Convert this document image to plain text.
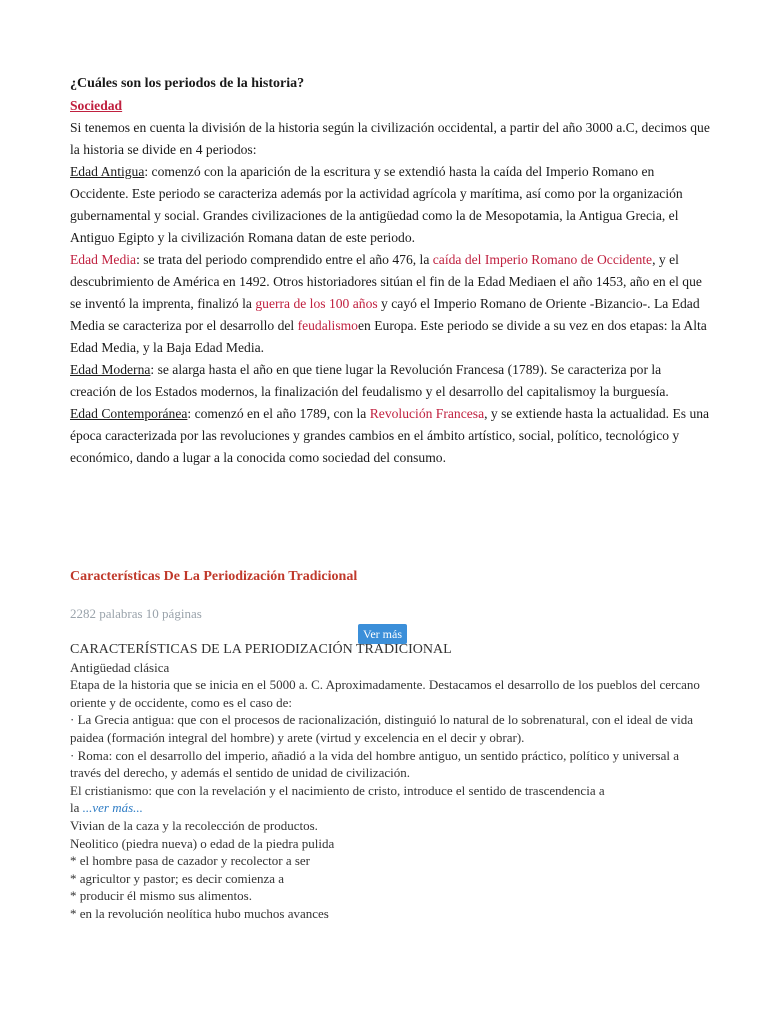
¿Cuáles son los periodos de la historia?

Sociedad

Si tenemos en cuenta la división de la historia según la civilización occidental, a partir del año 3000 a.C, decimos que la historia se divide en 4 periodos:

Edad Antigua: comenzó con la aparición de la escritura y se extendió hasta la caída del Imperio Romano en Occidente. Este periodo se caracteriza además por la actividad agrícola y marítima, así como por la organización gubernamental y social. Grandes civilizaciones de la antigüedad como la de Mesopotamia, la Antigua Grecia, el Antiguo Egipto y la civilización Romana datan de este periodo.

Edad Media: se trata del periodo comprendido entre el año 476, la caída del Imperio Romano de Occidente, y el descubrimiento de América en 1492. Otros historiadores sitúan el fin de la Edad Mediaen el año 1453, año en el que se inventó la imprenta, finalizó la guerra de los 100 años y cayó el Imperio Romano de Oriente -Bizancio-. La Edad Media se caracteriza por el desarrollo del feudalismoen Europa. Este periodo se divide a su vez en dos etapas: la Alta Edad Media, y la Baja Edad Media.

Edad Moderna: se alarga hasta el año en que tiene lugar la Revolución Francesa (1789). Se caracteriza por la creación de los Estados modernos, la finalización del feudalismo y el desarrollo del capitalismoy la burguesía.

Edad Contemporánea: comenzó en el año 1789, con la Revolución Francesa, y se extiende hasta la actualidad. Es una época caracterizada por las revoluciones y grandes cambios en el ámbito artístico, social, político, tecnológico y económico, dando a lugar a la conocida como sociedad del consumo.

Características De La Periodización Tradicional
2282 palabras 10 páginas
Ver más

CARACTERÍSTICAS DE LA PERIODIZACIÓN TRADICIONAL

Antigüedad clásica

Etapa de la historia que se inicia en el 5000 a. C. Aproximadamente. Destacamos el desarrollo de los pueblos del cercano oriente y de occidente, como es el caso de:

· La Grecia antigua: que con el procesos de racionalización, distinguió lo natural de lo sobrenatural, con el ideal de vida paidea (formación integral del hombre) y arete (virtud y excelencia en el decir y obrar).

· Roma: con el desarrollo del imperio, añadió a la vida del hombre antiguo, un sentido práctico, político y universal a través del derecho, y además el sentido de unidad de civilización.

El cristianismo: que con la revelación y el nacimiento de cristo, introduce el sentido de trascendencia a

la ...ver más...

Vivian de la caza y la recolección de productos.

Neolitico (piedra nueva) o edad de la piedra pulida

* el hombre pasa de cazador y recolector a ser

* agricultor y pastor; es decir comienza a

* producir él mismo sus alimentos.

* en la revolución neolítica hubo muchos avances
